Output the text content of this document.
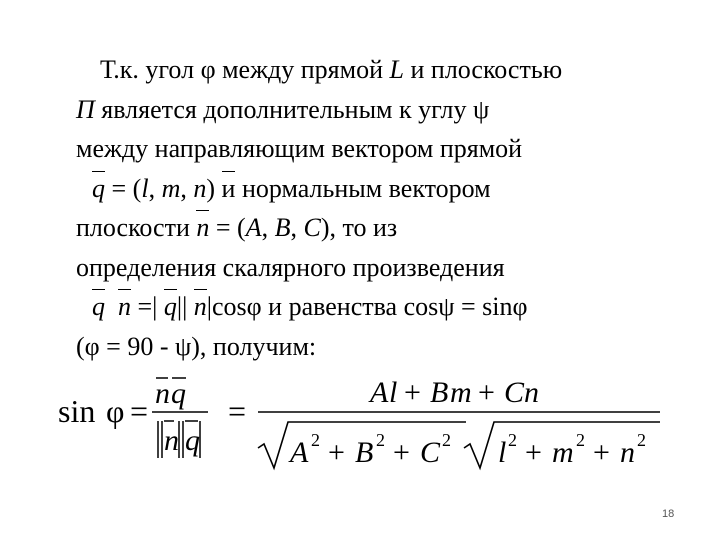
Т.к. угол φ между прямой L и плоскостью
П является дополнительным к углу ψ
между направляющим вектором прямой
q = (l, m, n) и нормальным вектором
плоскости n = (A, B, C), то из
определения скалярного произведения
q n =| q|| n|cosφ и равенства cosψ = sinφ
(φ = 90 - ψ), получим:
sin φ = n q
n q
=
A l + B m + C n
A 2 + B 2 + C 2 l 2 + m 2 + n 2
18
